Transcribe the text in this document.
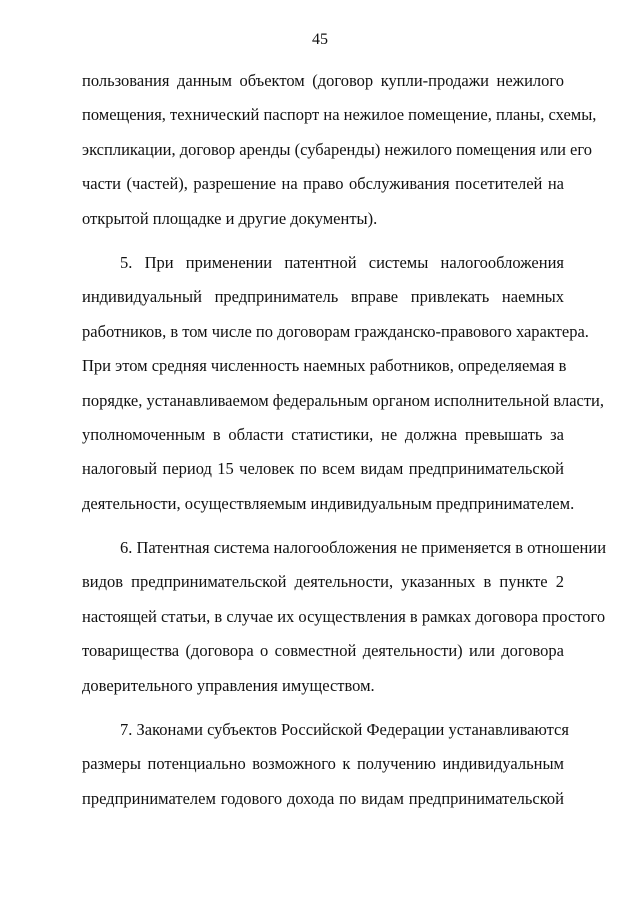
45
пользования данным объектом (договор купли-продажи нежилого
помещения, технический паспорт на нежилое помещение, планы, схемы,
экспликации, договор аренды (субаренды) нежилого помещения или его
части (частей), разрешение на право обслуживания посетителей на
открытой площадке и другие документы).
5. При применении патентной системы налогообложения
индивидуальный предприниматель вправе привлекать наемных
работников, в том числе по договорам гражданско-правового характера.
При этом средняя численность наемных работников, определяемая в
порядке, устанавливаемом федеральным органом исполнительной власти,
уполномоченным в области статистики, не должна превышать за
налоговый период 15 человек по всем видам предпринимательской
деятельности, осуществляемым индивидуальным предпринимателем.
6. Патентная система налогообложения не применяется в отношении
видов предпринимательской деятельности, указанных в пункте 2
настоящей статьи, в случае их осуществления в рамках договора простого
товарищества (договора о совместной деятельности) или договора
доверительного управления имуществом.
7. Законами субъектов Российской Федерации устанавливаются
размеры потенциально возможного к получению индивидуальным
предпринимателем годового дохода по видам предпринимательской
